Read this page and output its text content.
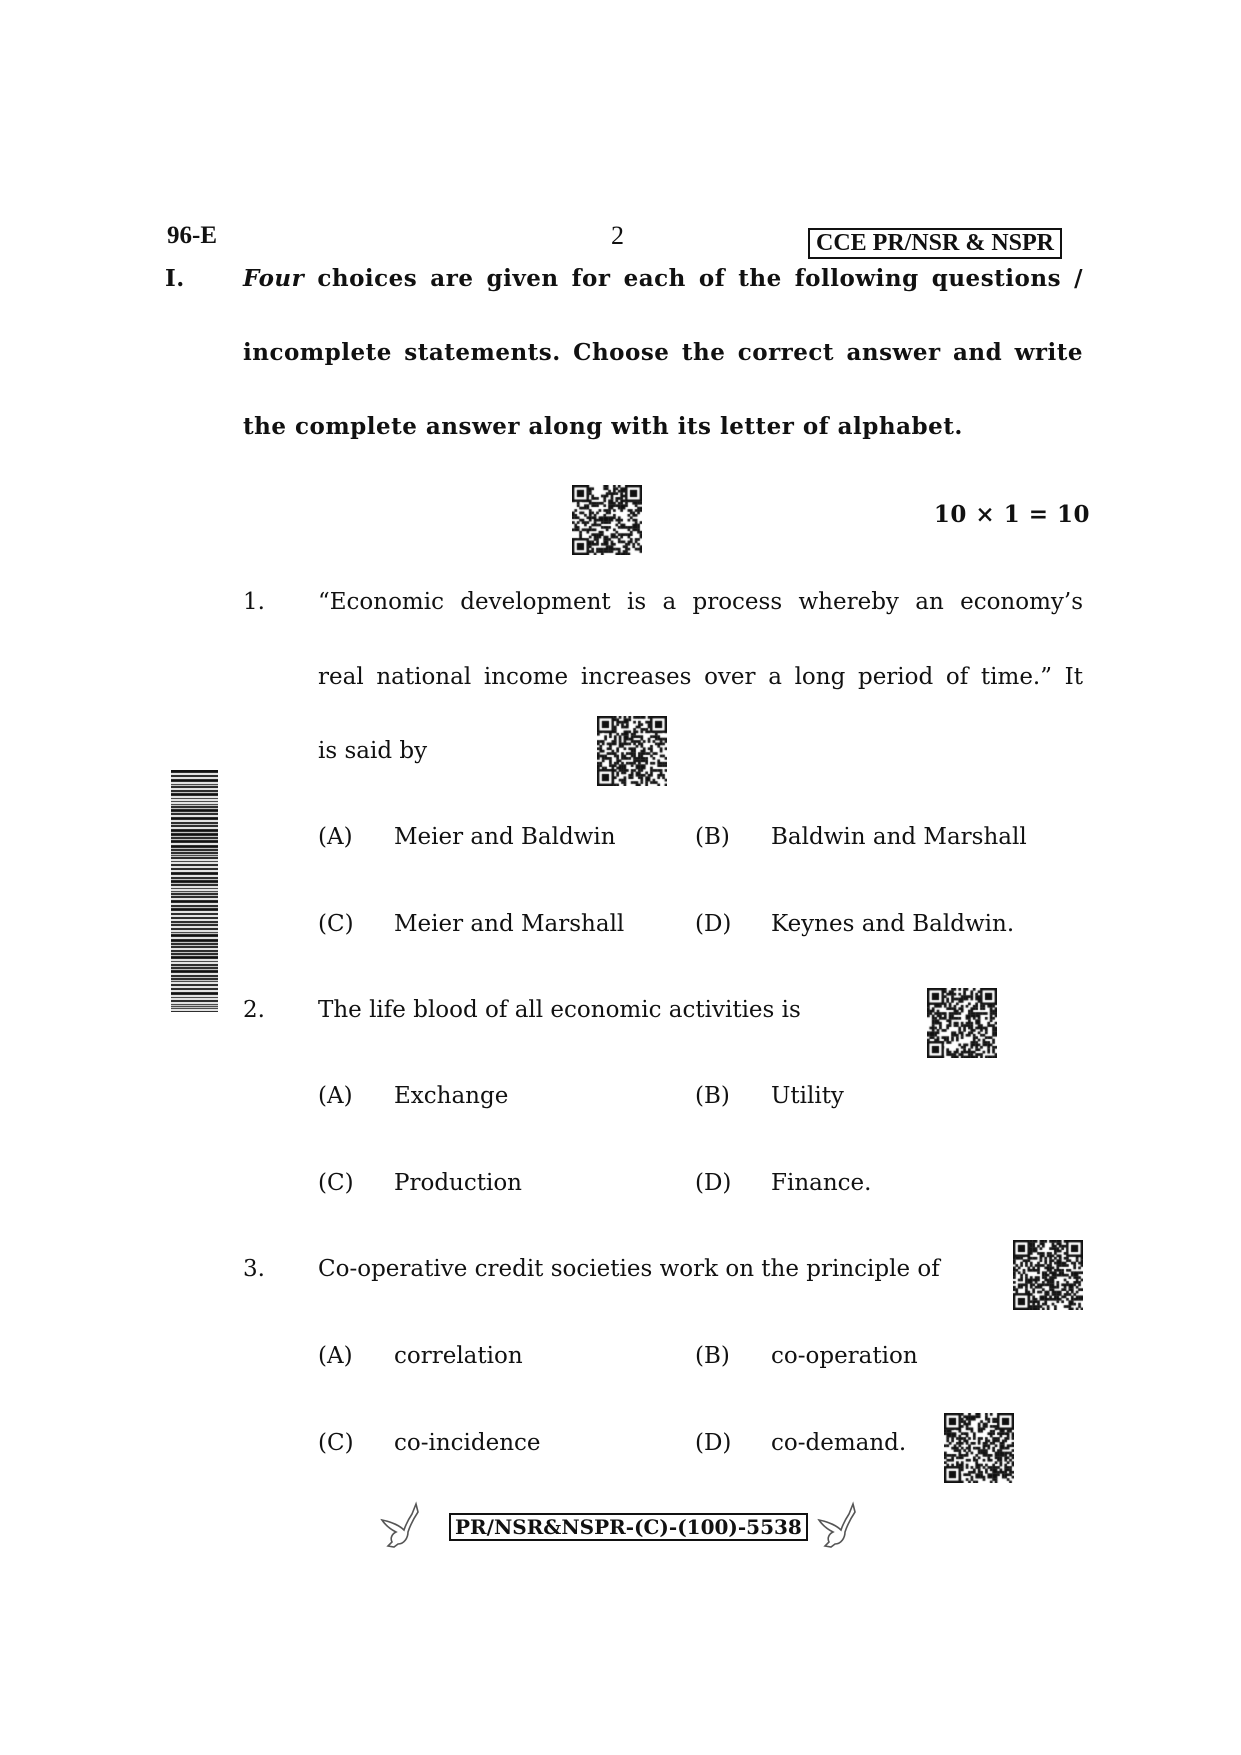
96-E	2	CCE PR/NSR & NSPR
I.	Four choices are given for each of the following questions /
incomplete statements. Choose the correct answer and write
the complete answer along with its letter of alphabet.
10 × 1 = 10
1. “Economic development is a process whereby an economy’s
real national income increases over a long period of time.” It
is said by
(A) Meier and Baldwin	(B) Baldwin and Marshall
(C) Meier and Marshall	(D) Keynes and Baldwin.
2. The life blood of all economic activities is
(A) Exchange	(B) Utility
(C) Production	(D) Finance.
3. Co-operative credit societies work on the principle of
(A) correlation	(B) co-operation
(C) co-incidence	(D) co-demand.
PR/NSR&NSPR-(C)-(100)-5538
